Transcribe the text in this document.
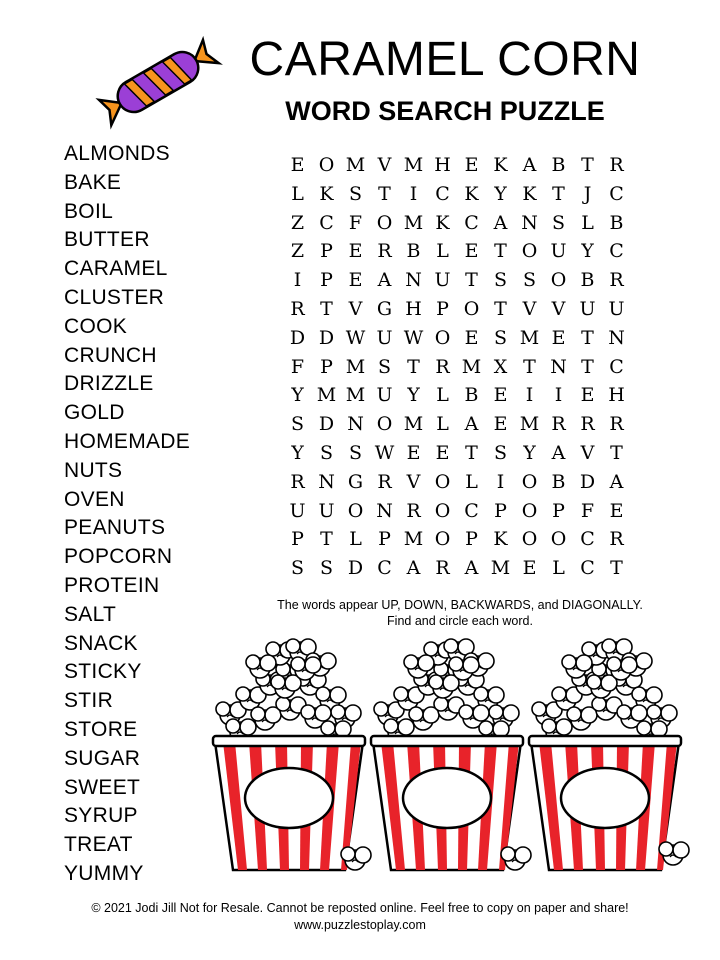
CARAMEL CORN
WORD SEARCH PUZZLE
ALMONDS
BAKE
BOIL
BUTTER
CARAMEL
CLUSTER
COOK
CRUNCH
DRIZZLE
GOLD
HOMEMADE
NUTS
OVEN
PEANUTS
POPCORN
PROTEIN
SALT
SNACK
STICKY
STIR
STORE
SUGAR
SWEET
SYRUP
TREAT
YUMMY
E O M V M H E K A B T R
L K S T I C K Y K T J C
Z C F O M K C A N S L B
Z P E R B L E T O U Y C
I P E A N U T S S O B R
R T V G H P O T V V U U
D D W U W O E S M E T N
F P M S T R M X T N T C
Y M M U Y L B E I	I E H
S D N O M L A E M R R R
Y S S W E E T S Y A V T
R N G R V O L I O B D A
U U O N R O C P O P F E
P T L P M O P K O O C R
S S D C A R A M E L C T

The words appear UP, DOWN, BACKWARDS, and DIAGONALLY.
Find and circle each word.

© 2021 Jodi Jill Not for Resale. Cannot be reposted online. Feel free to copy on paper and share!
www.puzzlestoplay.com
